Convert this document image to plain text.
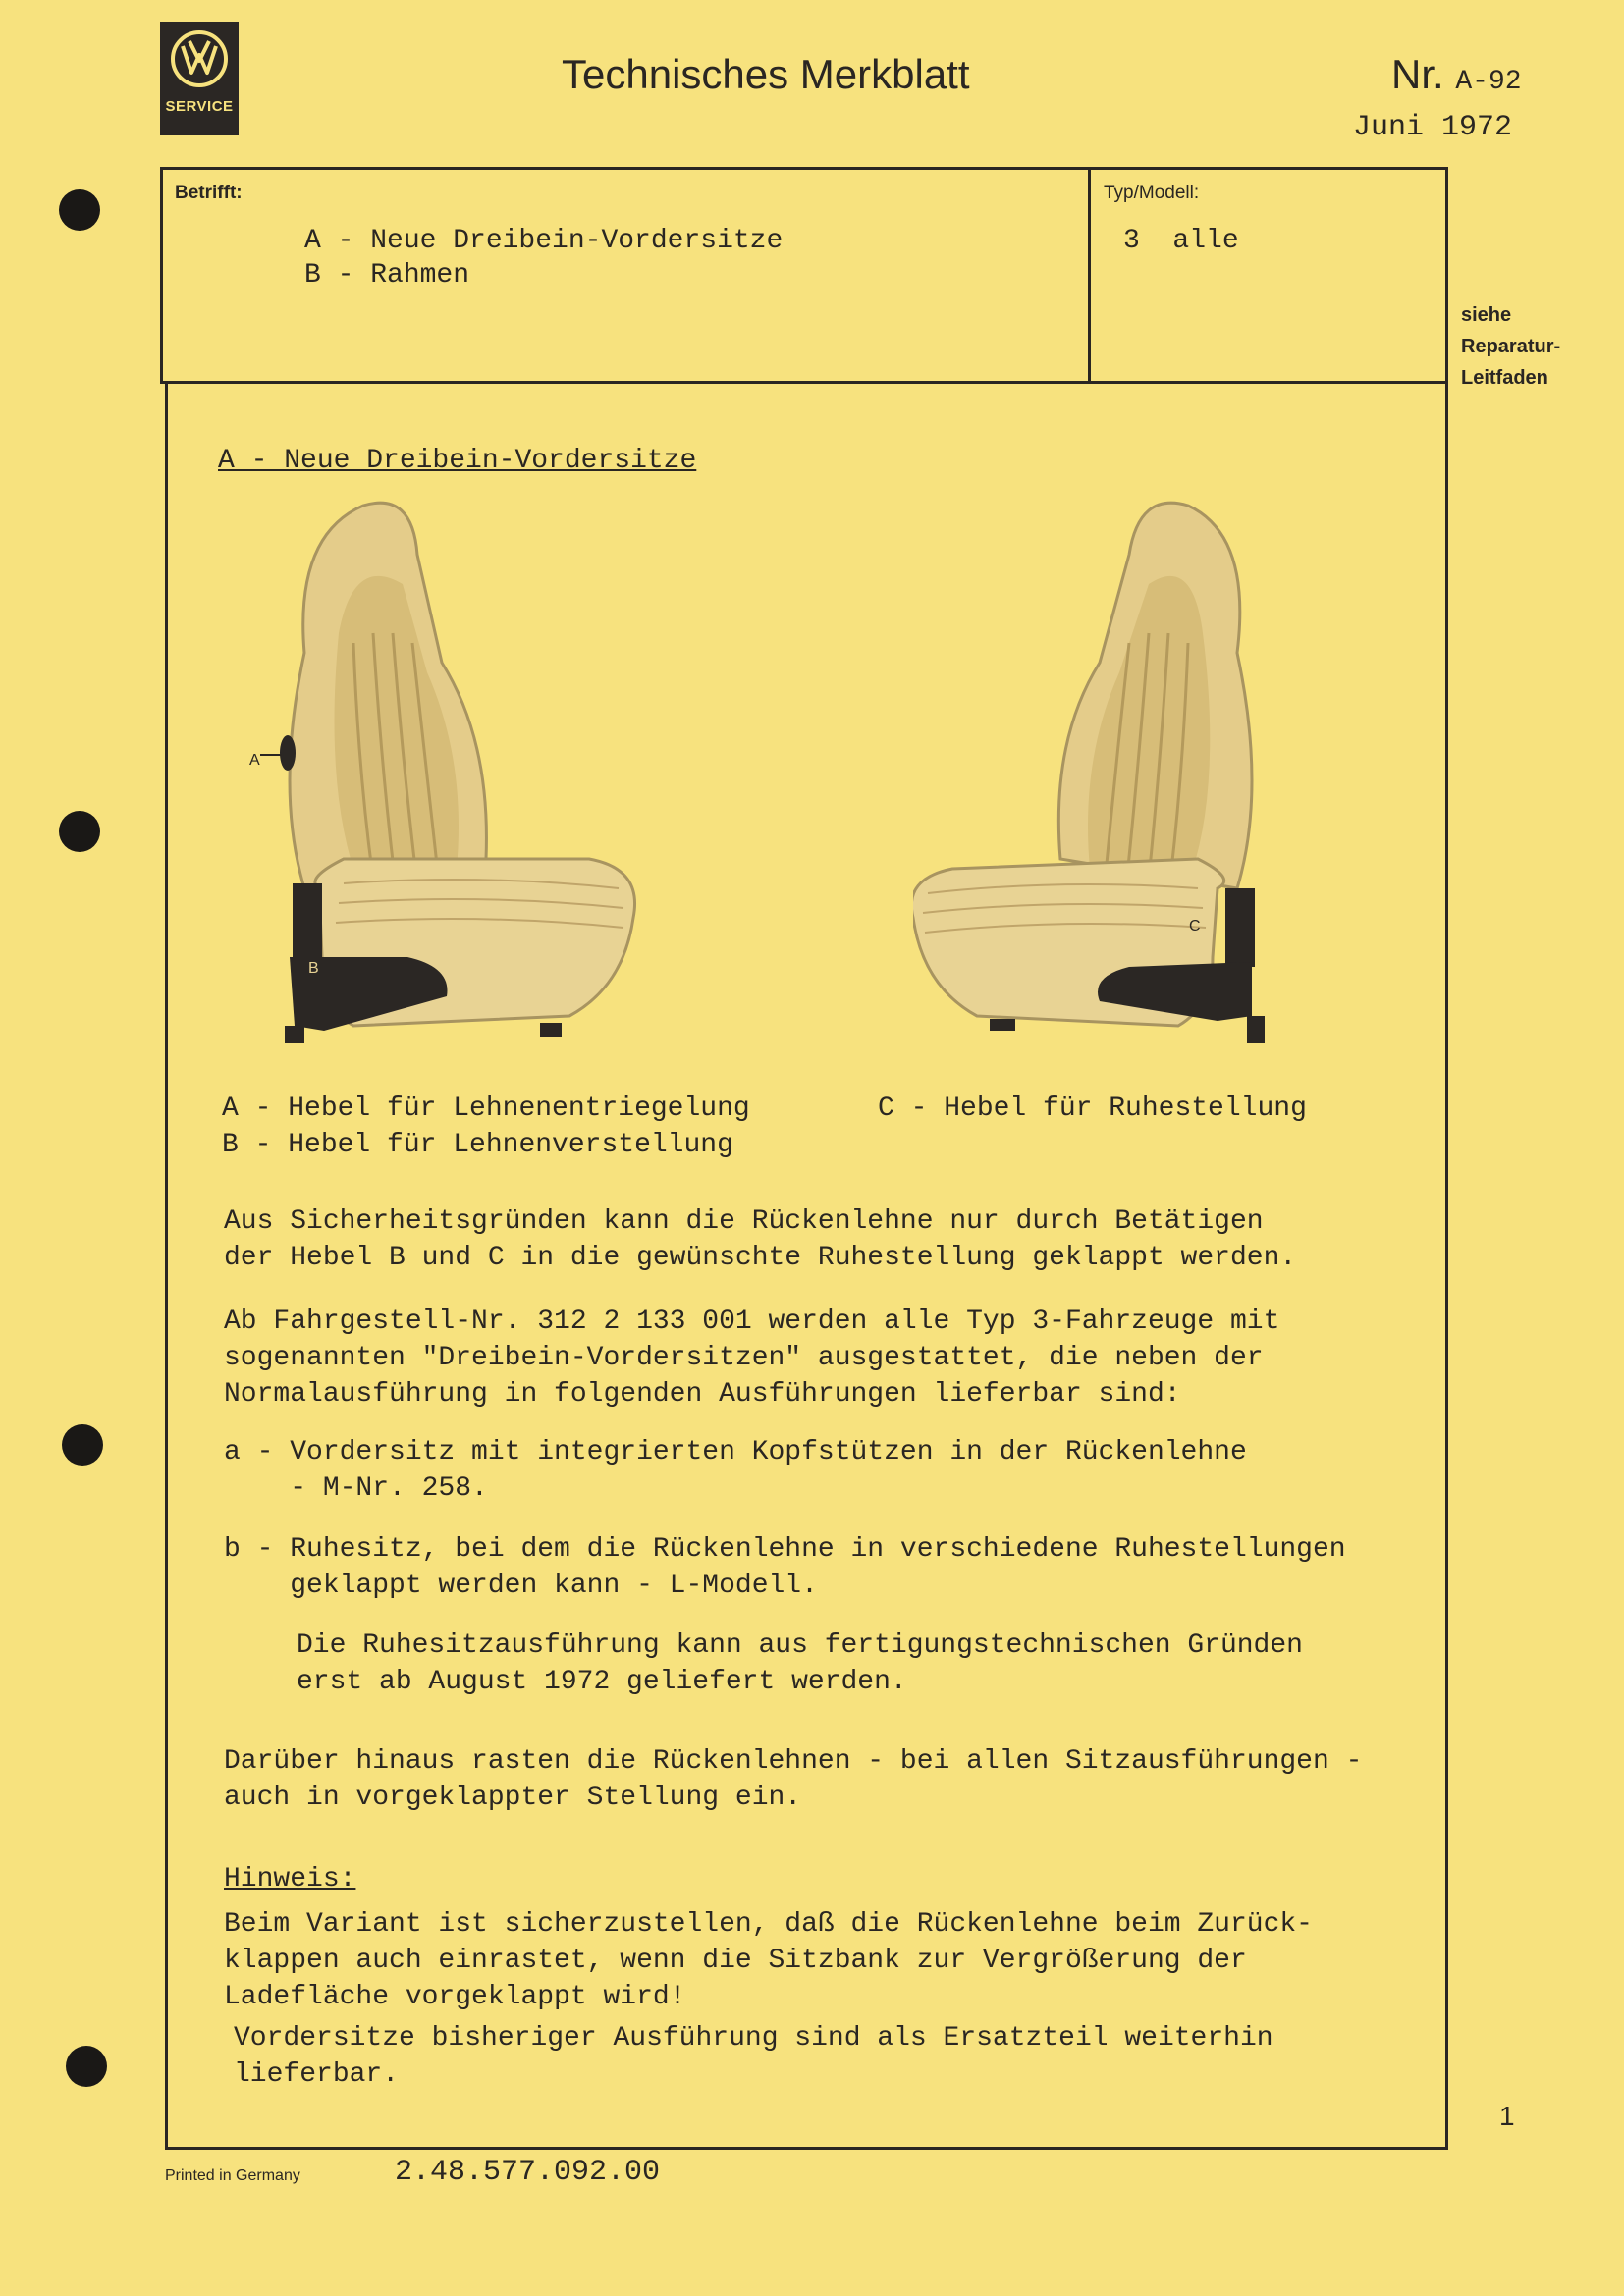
SERVICE
Technisches Merkblatt	Nr. A-92
Juni 1972
Betrifft:
A - Neue Dreibein-Vordersitze
B - Rahmen
Typ/Modell:
3  alle
siehe
Reparatur-
Leitfaden
A - Neue Dreibein-Vordersitze
A
B
C
A - Hebel für Lehnenentriegelung
B - Hebel für Lehnenverstellung
C - Hebel für Ruhestellung
Aus Sicherheitsgründen kann die Rückenlehne nur durch Betätigen
der Hebel B und C in die gewünschte Ruhestellung geklappt werden.
Ab Fahrgestell-Nr. 312 2 133 001 werden alle Typ 3-Fahrzeuge mit
sogenannten "Dreibein-Vordersitzen" ausgestattet, die neben der
Normalausführung in folgenden Ausführungen lieferbar sind:
a - Vordersitz mit integrierten Kopfstützen in der Rückenlehne
- M-Nr. 258.
b - Ruhesitz, bei dem die Rückenlehne in verschiedene Ruhestellungen
geklappt werden kann - L-Modell.
Die Ruhesitzausführung kann aus fertigungstechnischen Gründen
erst ab August 1972 geliefert werden.
Darüber hinaus rasten die Rückenlehnen - bei allen Sitzausführungen -
auch in vorgeklappter Stellung ein.
Hinweis:
Beim Variant ist sicherzustellen, daß die Rückenlehne beim Zurück-
klappen auch einrastet, wenn die Sitzbank zur Vergrößerung der
Ladefläche vorgeklappt wird!
Vordersitze bisheriger Ausführung sind als Ersatzteil weiterhin
lieferbar.
1
Printed in Germany	2.48.577.092.00
